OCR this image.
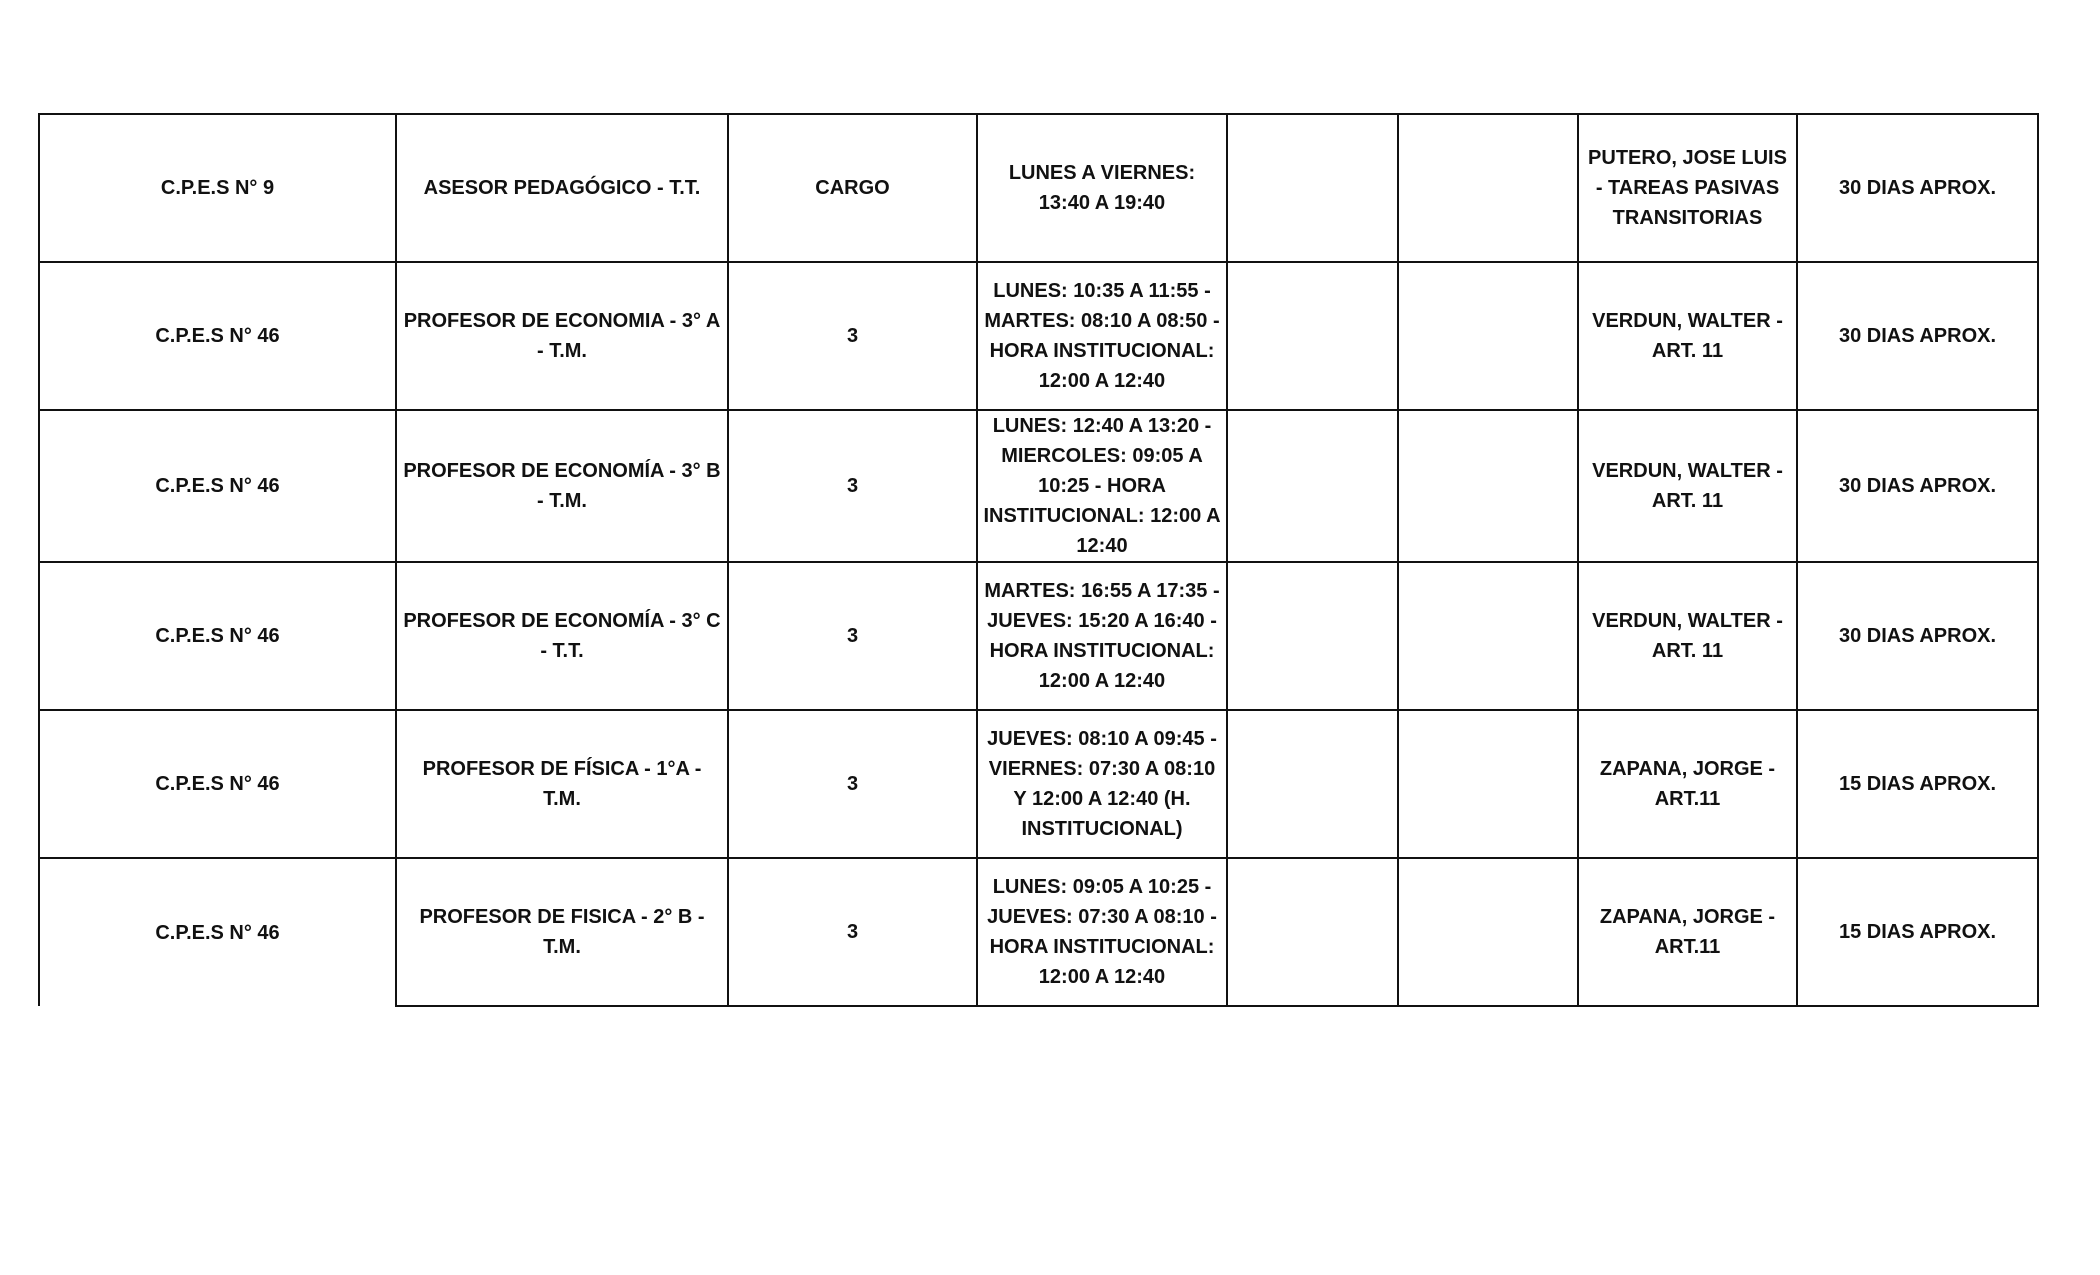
C.P.E.S N° 9	ASESOR PEDAGÓGICO - T.T.	CARGO	LUNES A VIERNES: 13:40 A 19:40			PUTERO, JOSE LUIS - TAREAS PASIVAS TRANSITORIAS	30 DIAS APROX.
C.P.E.S N° 46	PROFESOR DE ECONOMIA - 3° A - T.M.	3	LUNES: 10:35 A 11:55 - MARTES: 08:10 A 08:50 - HORA INSTITUCIONAL: 12:00 A 12:40			VERDUN, WALTER - ART. 11	30 DIAS APROX.
C.P.E.S N° 46	PROFESOR DE ECONOMÍA - 3° B - T.M.	3	LUNES: 12:40 A 13:20 - MIERCOLES: 09:05 A 10:25 - HORA INSTITUCIONAL: 12:00 A 12:40			VERDUN, WALTER - ART. 11	30 DIAS APROX.
C.P.E.S N° 46	PROFESOR DE ECONOMÍA - 3° C - T.T.	3	MARTES: 16:55 A 17:35 - JUEVES: 15:20 A 16:40 - HORA INSTITUCIONAL: 12:00 A 12:40			VERDUN, WALTER - ART. 11	30 DIAS APROX.
C.P.E.S N° 46	PROFESOR DE FÍSICA - 1°A - T.M.	3	JUEVES: 08:10 A 09:45 - VIERNES: 07:30 A 08:10 Y 12:00 A 12:40 (H. INSTITUCIONAL)			ZAPANA, JORGE - ART.11	15 DIAS APROX.
C.P.E.S N° 46	PROFESOR DE FISICA - 2° B - T.M.	3	LUNES: 09:05 A 10:25 - JUEVES: 07:30 A 08:10 - HORA INSTITUCIONAL: 12:00 A 12:40			ZAPANA, JORGE - ART.11	15 DIAS APROX.
